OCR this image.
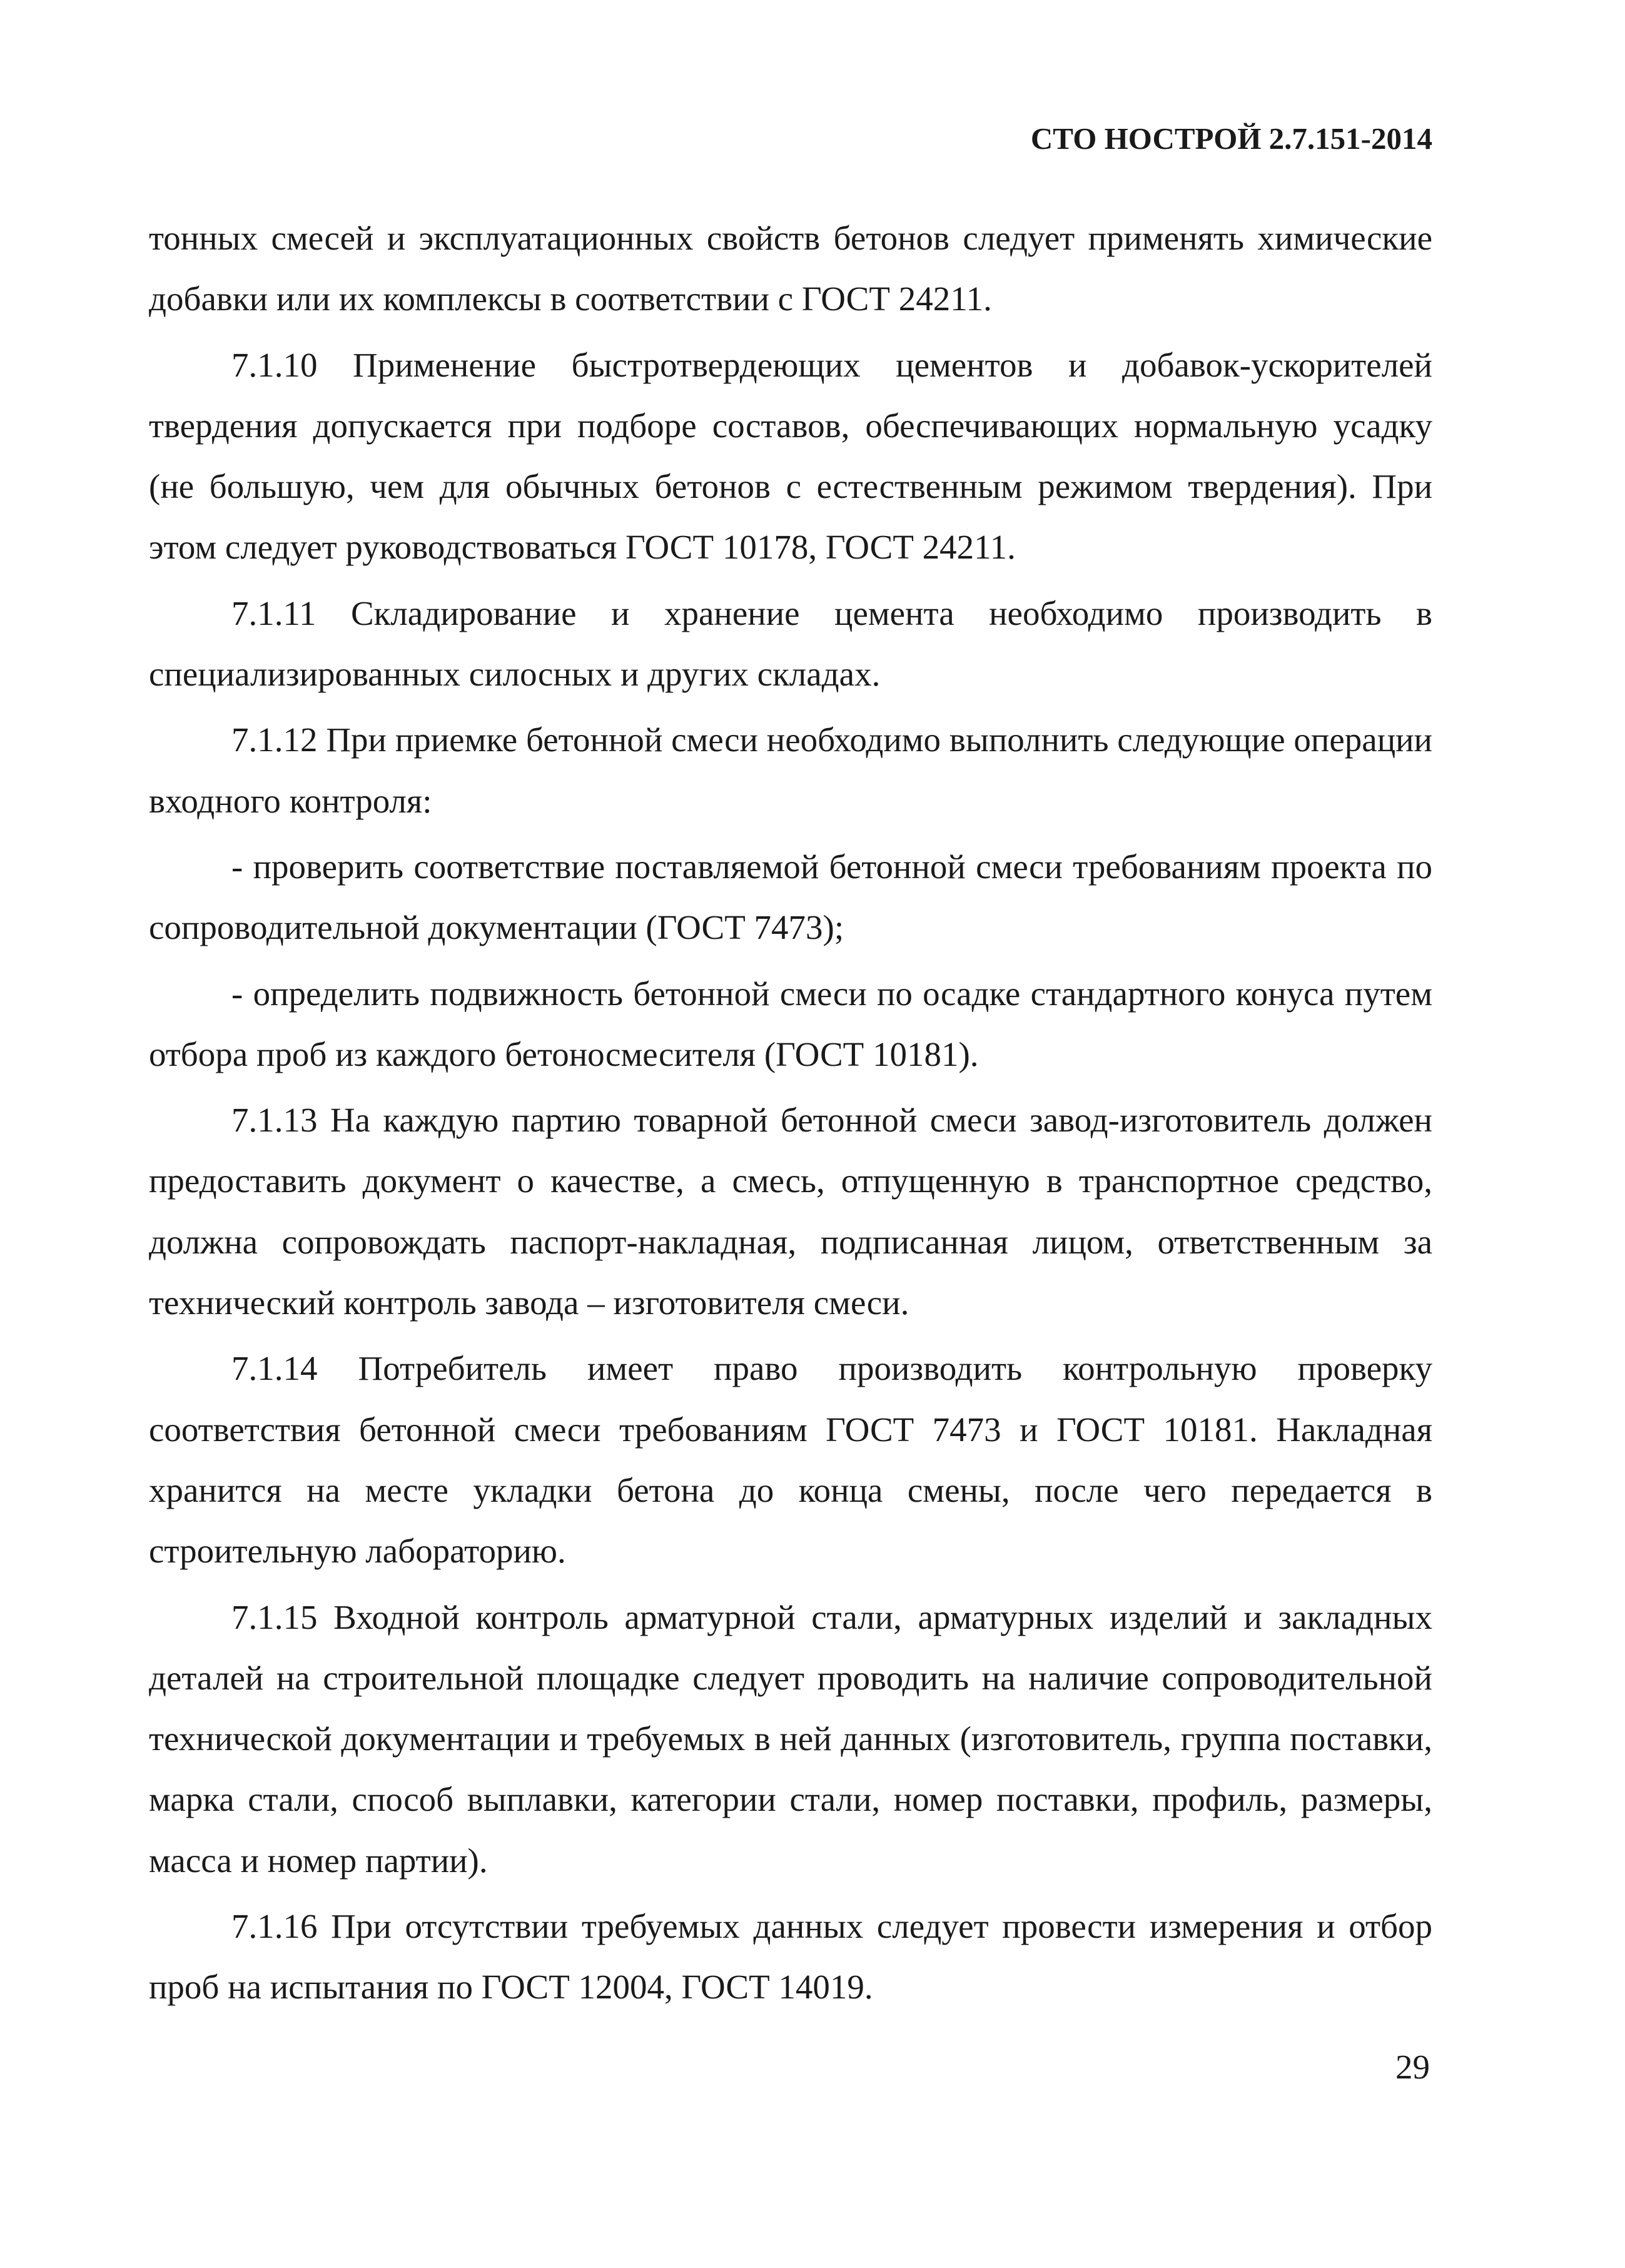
СТО НОСТРОЙ 2.7.151-2014

тонных смесей и эксплуатационных свойств бетонов следует применять химические добавки или их комплексы в соответствии с ГОСТ 24211.

7.1.10 Применение быстротвердеющих цементов и добавок-ускорителей твердения допускается при подборе составов, обеспечивающих нормальную усадку (не большую, чем для обычных бетонов с естественным режимом твердения). При этом следует руководствоваться ГОСТ 10178, ГОСТ 24211.

7.1.11 Складирование и хранение цемента необходимо производить в специализированных силосных и других складах.

7.1.12 При приемке бетонной смеси необходимо выполнить следующие операции входного контроля:

- проверить соответствие поставляемой бетонной смеси требованиям проекта по сопроводительной документации (ГОСТ 7473);

- определить подвижность бетонной смеси по осадке стандартного конуса путем отбора проб из каждого бетоносмесителя (ГОСТ 10181).

7.1.13 На каждую партию товарной бетонной смеси завод-изготовитель должен предоставить документ о качестве, а смесь, отпущенную в транспортное средство, должна сопровождать паспорт-накладная, подписанная лицом, ответственным за технический контроль завода – изготовителя смеси.

7.1.14 Потребитель имеет право производить контрольную проверку соответствия бетонной смеси требованиям ГОСТ 7473 и ГОСТ 10181. Накладная хранится на месте укладки бетона до конца смены, после чего передается в строительную лабораторию.

7.1.15 Входной контроль арматурной стали, арматурных изделий и закладных деталей на строительной площадке следует проводить на наличие сопроводительной технической документации и требуемых в ней данных (изготовитель, группа поставки, марка стали, способ выплавки, категории стали, номер поставки, профиль, размеры, масса и номер партии).

7.1.16 При отсутствии требуемых данных следует провести измерения и отбор проб на испытания по ГОСТ 12004, ГОСТ 14019.

29
